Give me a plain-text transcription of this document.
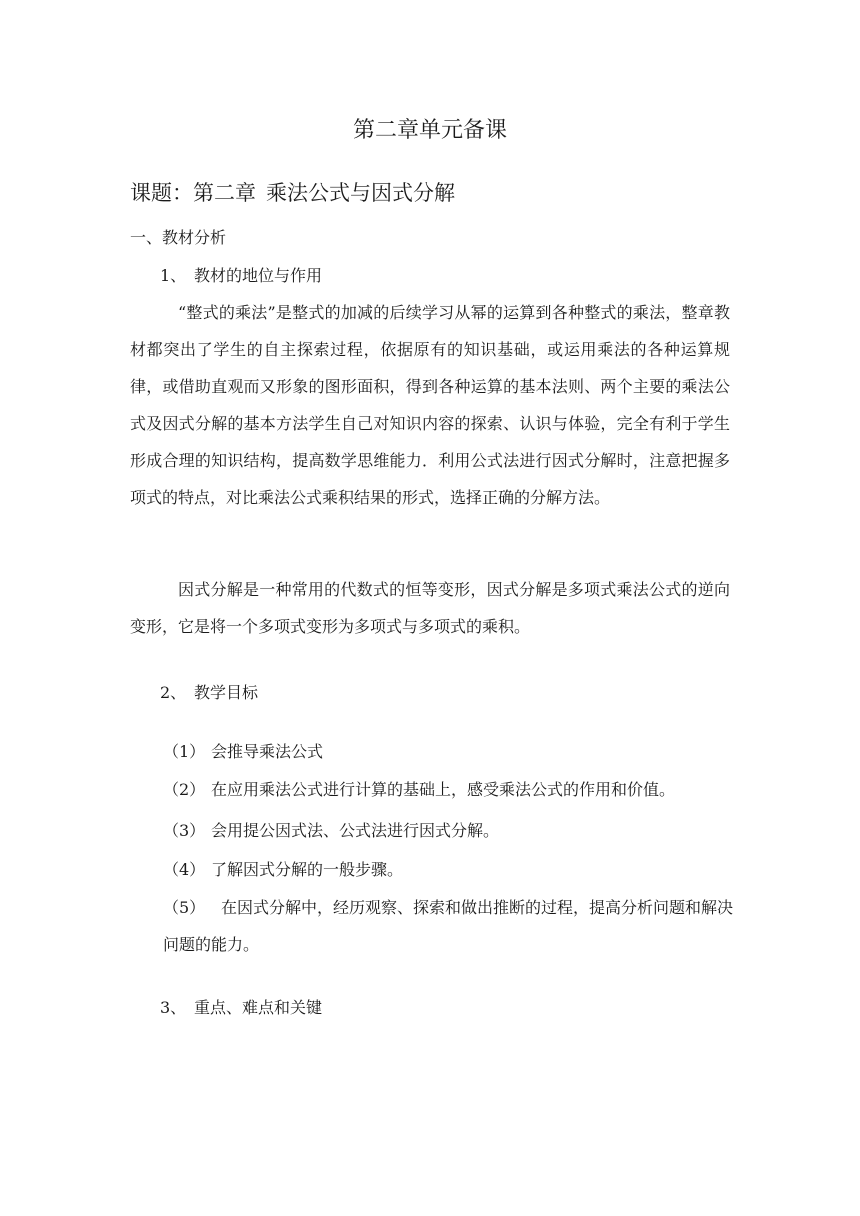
第二章单元备课
课题：第二章 乘法公式与因式分解
一、教材分析
1、 教材的地位与作用
“整式的乘法”是整式的加减的后续学习从幂的运算到各种整式的乘法，整章教材都突出了学生的自主探索过程，依据原有的知识基础，或运用乘法的各种运算规律，或借助直观而又形象的图形面积，得到各种运算的基本法则、两个主要的乘法公式及因式分解的基本方法学生自己对知识内容的探索、认识与体验，完全有利于学生形成合理的知识结构，提高数学思维能力．利用公式法进行因式分解时，注意把握多项式的特点，对比乘法公式乘积结果的形式，选择正确的分解方法。
因式分解是一种常用的代数式的恒等变形，因式分解是多项式乘法公式的逆向变形，它是将一个多项式变形为多项式与多项式的乘积。
2、 教学目标
（1） 会推导乘法公式
（2） 在应用乘法公式进行计算的基础上，感受乘法公式的作用和价值。
（3） 会用提公因式法、公式法进行因式分解。
（4） 了解因式分解的一般步骤。
（5） 在因式分解中，经历观察、探索和做出推断的过程，提高分析问题和解决问题的能力。
3、 重点、难点和关键
